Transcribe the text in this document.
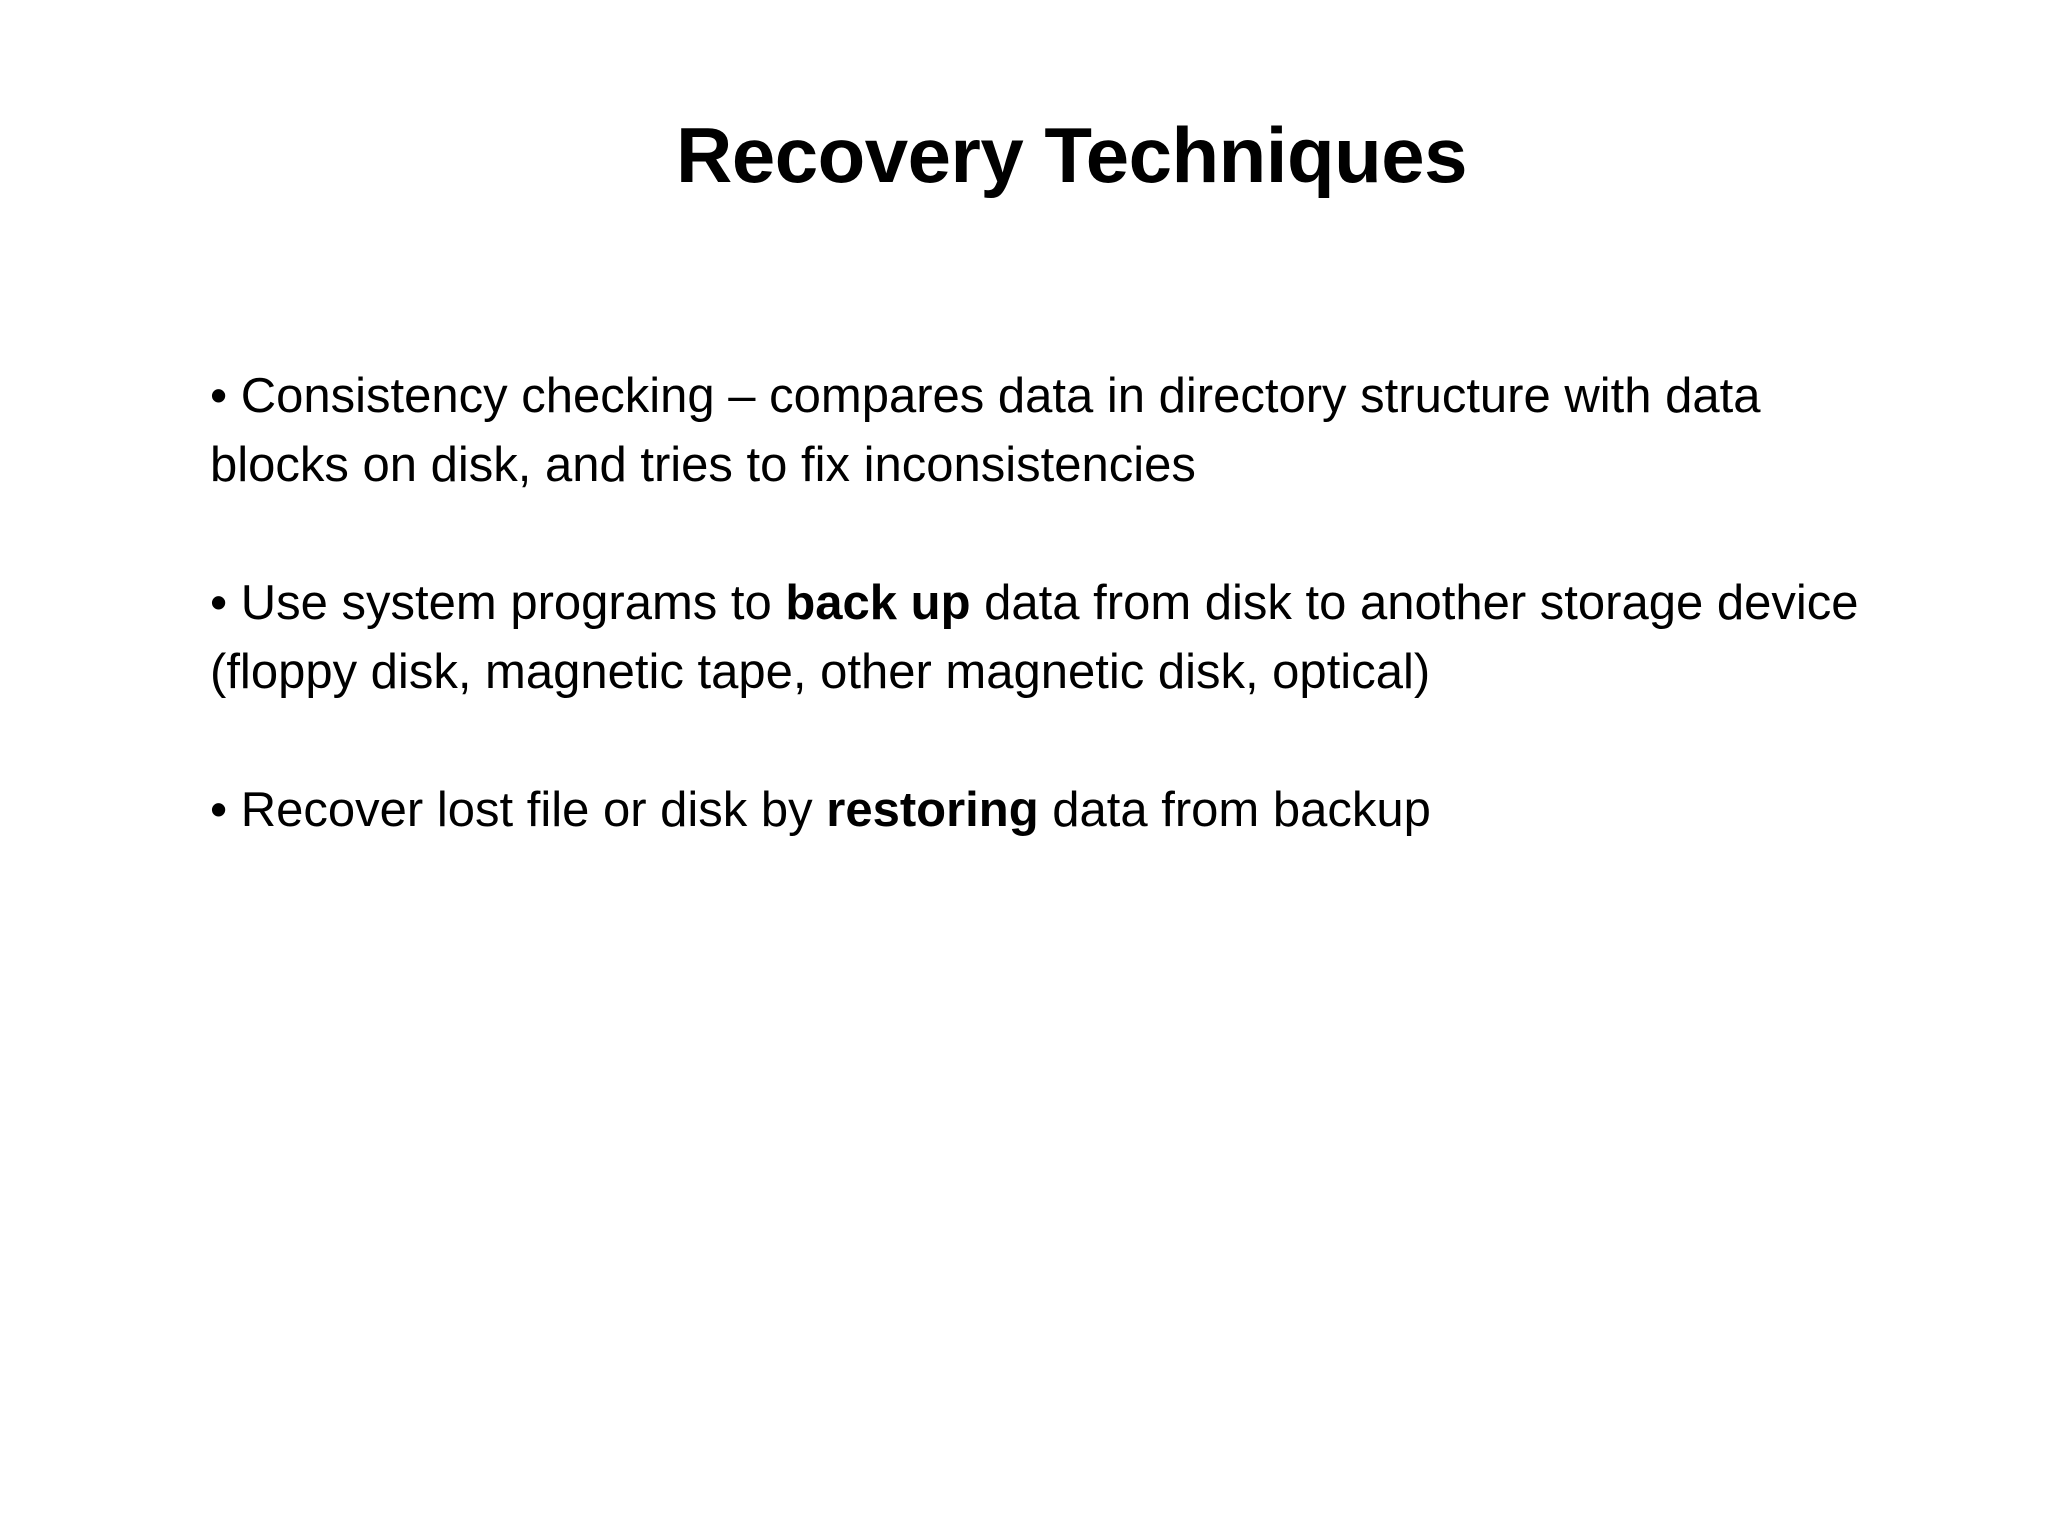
Recovery Techniques

• Consistency checking – compares data in directory structure with data blocks on disk, and tries to fix inconsistencies

• Use system programs to back up data from disk to another storage device (floppy disk, magnetic tape, other magnetic disk, optical)

• Recover lost file or disk by restoring data from backup
